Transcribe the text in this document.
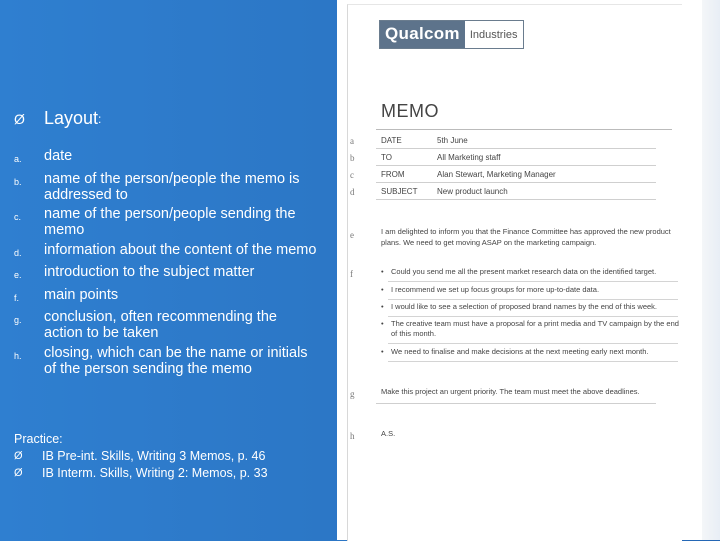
Ø	Layout :
a.	date
b.	name of the person/people the memo is addressed to
c.	name of the person/people sending the memo
d.	information about the content of the memo
e.	introduction to the subject matter
f.	main points
g.	conclusion, often recommending the action to be taken
h.	closing, which can be the name or initials of the person sending the memo
Practice:
Ø	IB Pre-int. Skills, Writing 3 Memos, p. 46
Ø	IB Interm. Skills, Writing 2: Memos, p. 33
Qualcom Industries
MEMO
a
b
c
d
e
f
g
h
DATE	5th June
TO	All Marketing staff
FROM	Alan Stewart, Marketing Manager
SUBJECT	New product launch
I am delighted to inform you that the Finance Committee has approved the new product plans. We need to get moving ASAP on the marketing campaign.
• Could you send me all the present market research data on the identified target.
• I recommend we set up focus groups for more up-to-date data.
• I would like to see a selection of proposed brand names by the end of this week.
• The creative team must have a proposal for a print media and TV campaign by the end of this month.
• We need to finalise and make decisions at the next meeting early next month.
Make this project an urgent priority. The team must meet the above deadlines.
A.S.
